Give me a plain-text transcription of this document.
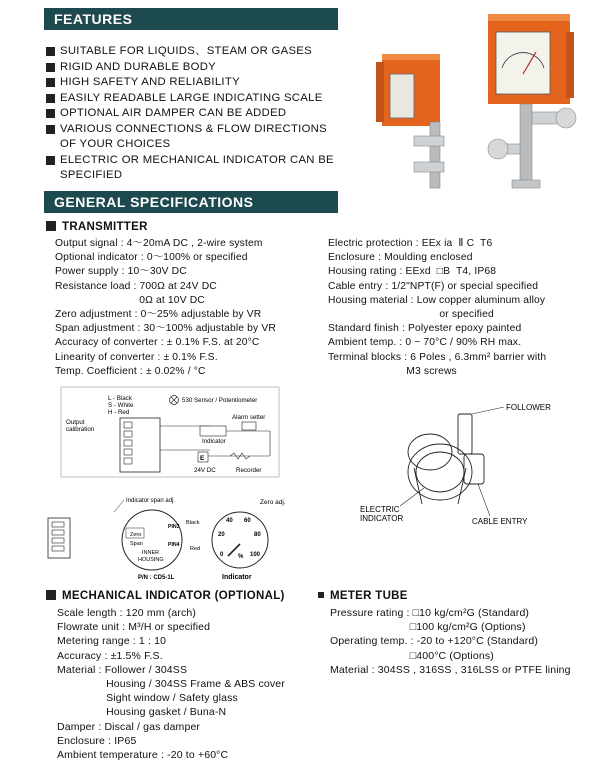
FEATURES
SUITABLE FOR LIQUIDS、STEAM OR GASES
RIGID AND DURABLE BODY
HIGH SAFETY AND RELIABILITY
EASILY READABLE LARGE INDICATING SCALE
OPTIONAL AIR DAMPER CAN BE ADDED
VARIOUS CONNECTIONS & FLOW DIRECTIONS
OF YOUR CHOICES
ELECTRIC OR MECHANICAL INDICATOR CAN BE
SPECIFIED
GENERAL SPECIFICATIONS
TRANSMITTER
Output signal : 4～20mA DC , 2-wire system
Optional indicator : 0～100% or specified
Power supply : 10～30V DC
Resistance load : 700Ω at 24V DC
0Ω at 10V DC
Zero adjustment : 0～25% adjustable by VR
Span adjustment : 30～100% adjustable by VR
Accuracy of converter : ± 0.1% F.S. at 20°C
Linearity of converter : ± 0.1% F.S.
Temp. Coefficient : ± 0.02% / °C
Electric protection : EEx ia  Ⅱ C  T6
Enclosure : Moulding enclosed
Housing rating : EExd  □B  T4, IP68
Cable entry : 1/2"NPT(F) or special specified
Housing material : Low copper aluminum alloy
or specified
Standard finish : Polyester epoxy painted
Ambient temp. : 0 ~ 70°C / 90% RH max.
Terminal blocks : 6 Poles , 6.3mm² barrier with
M3 screws
L - Black
S - White
H - Red
530 Sensor / Potentiometer
Output
calibration
Indicator
Alarm setter
E
24V DC	Recorder
FOLLOWER
ELECTRIC
INDICATOR	CABLE ENTRY
Indicator span adj.
Zero
Span
INNER
HOUSING
PIN3
PIN4
Black
Red
P/N : CD5-1L
Zero adj.
0
20
40 60
80
100
%
Indicator
MECHANICAL INDICATOR (OPTIONAL)
Scale length : 120 mm (arch)
Flowrate unit : M³/H or specified
Metering range : 1 : 10
Accuracy : ±1.5% F.S.
Material : Follower / 304SS
Housing / 304SS Frame & ABS cover
Sight window / Safety glass
Housing gasket / Buna-N
Damper : Discal / gas damper
Enclosure : IP65
Ambient temperature : -20 to +60°C
METER TUBE
Pressure rating : □10 kg/cm²G (Standard)
□100 kg/cm²G (Options)
Operating temp. : -20 to +120°C (Standard)
□400°C (Options)
Material : 304SS , 316SS , 316LSS or PTFE lining
